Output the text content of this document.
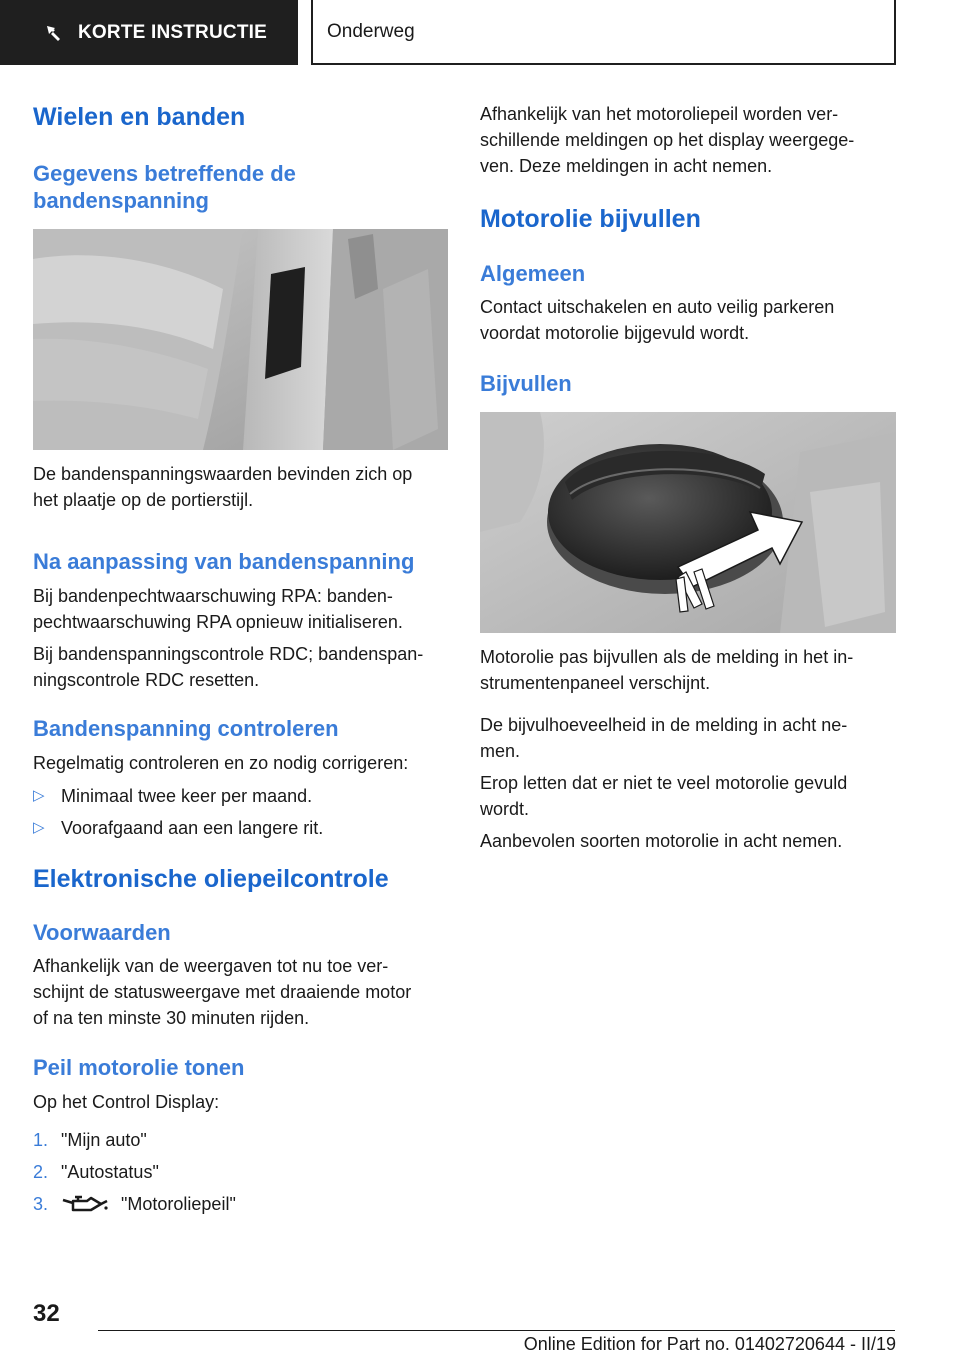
KORTE INSTRUCTIE	Onderweg
Wielen en banden
Gegevens betreffende de
bandenspanning
De bandenspanningswaarden bevinden zich op
het plaatje op de portierstijl.
Na aanpassing van bandenspanning
Bij bandenpechtwaarschuwing RPA: banden-
pechtwaarschuwing RPA opnieuw initialiseren.
Bij bandenspanningscontrole RDC; bandenspan-
ningscontrole RDC resetten.
Bandenspanning controleren
Regelmatig controleren en zo nodig corrigeren:
▷ Minimaal twee keer per maand.
▷ Voorafgaand aan een langere rit.
Elektronische oliepeilcontrole
Voorwaarden
Afhankelijk van de weergaven tot nu toe ver-
schijnt de statusweergave met draaiende motor
of na ten minste 30 minuten rijden.
Peil motorolie tonen
Op het Control Display:
1. "Mijn auto"
2. "Autostatus"
3.	"Motoroliepeil"
Afhankelijk van het motoroliepeil worden ver-
schillende meldingen op het display weergege-
ven. Deze meldingen in acht nemen.
Motorolie bijvullen
Algemeen
Contact uitschakelen en auto veilig parkeren
voordat motorolie bijgevuld wordt.
Bijvullen
Motorolie pas bijvullen als de melding in het in-
strumentenpaneel verschijnt.
De bijvulhoeveelheid in de melding in acht ne-
men.
Erop letten dat er niet te veel motorolie gevuld
wordt.
Aanbevolen soorten motorolie in acht nemen.
32
Online Edition for Part no. 01402720644 - II/19
